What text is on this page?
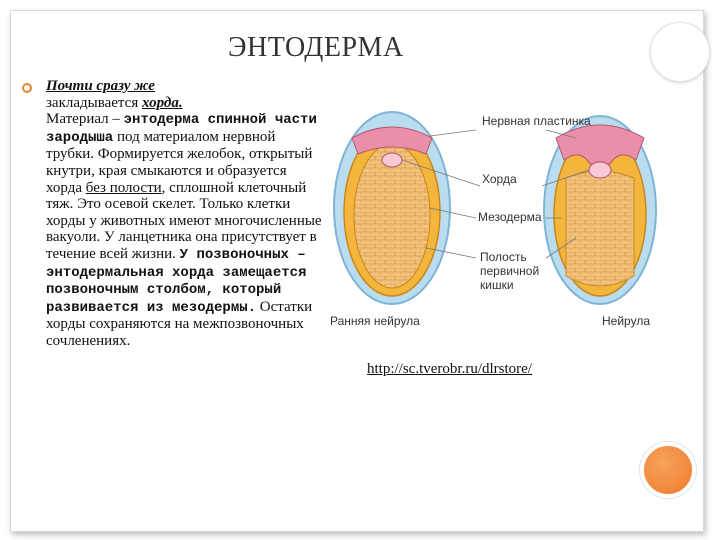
ЭНТОДЕРМА
Почти сразу же
закладывается хорда.
Материал – энтодерма спинной части зародыша под материалом нервной трубки. Формируется желобок, открытый кнутри, края смыкаются и образуется хорда без полости, сплошной клеточный тяж. Это осевой скелет. Только клетки хорды у животных имеют многочисленные вакуоли. У ланцетника она присутствует в течение всей жизни. У позвоночных – энтодермальная хорда замещается позвоночным столбом, который развивается из мезодермы. Остатки хорды сохраняются на межпозвоночных сочленениях.
Нервная пластинка
Хорда
Мезодерма
Полость первичной кишки
Ранняя нейрула	Нейрула
http://sc.tverobr.ru/dlrstore/
